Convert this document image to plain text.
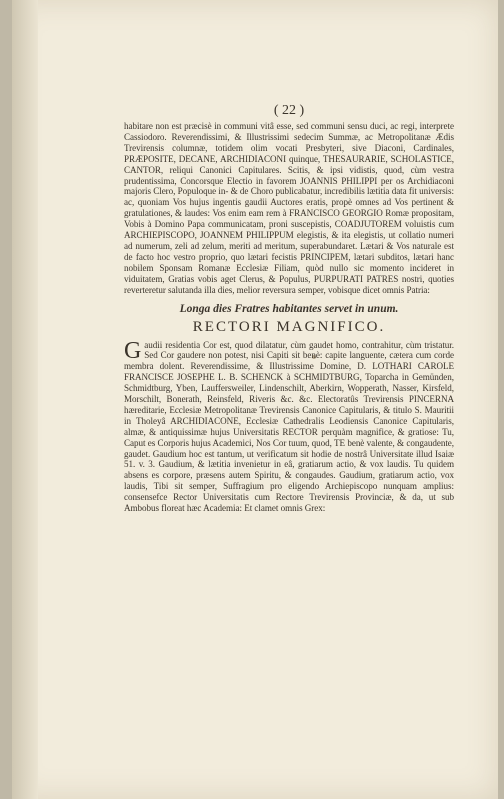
( 22 )

habitare non est præcisè in communi vitâ esse, sed communi sensu duci, ac regi, interprete Cassiodoro. Reverendissimi, & Illustrissimi sedecim Summæ, ac Metropolitanæ Ædis Trevirensis columnæ, totidem olim vocati Presbyteri, sive Diaconi, Cardinales, PRÆPOSITE, DECANE, ARCHIDIACONI quinque, THESAURARIE, SCHOLASTICE, CANTOR, reliqui Canonici Capitulares. Scitis, & ipsi vidistis, quod, cùm vestra prudentissima, Concorsque Electio in favorem JOANNIS PHILIPPI per os Archidiaconi majoris Clero, Populoque in- & de Choro publicabatur, incredibilis lætitia data fit universis: ac, quoniam Vos hujus ingentis gaudii Auctores eratis, propè omnes ad Vos pertinent & gratulationes, & laudes: Vos enim eam rem à FRANCISCO GEORGIO Romæ propositam, Vobis à Domino Papa communicatam, proni suscepistis, COADJUTOREM voluistis cum ARCHIEPISCOPO, JOANNEM PHILIPPUM elegistis, & ita elegistis, ut collatio numeri ad numerum, zeli ad zelum, meriti ad meritum, superabundaret. Lætari & Vos naturale est de facto hoc vestro proprio, quo lætari fecistis PRINCIPEM, lætari subditos, lætari hanc nobilem Sponsam Romanæ Ecclesiæ Filiam, quòd nullo sic momento incideret in viduitatem, Gratias vobis aget Clerus, & Populus, PURPURATI PATRES nostri, quoties reverteretur salutanda illa dies, melior reversura semper, vobisque dicet omnis Patria:

Longa dies Fratres habitantes servet in unum.
RECTORI MAGNIFICO.

Gaudii residentia Cor est, quod dilatatur, cùm gaudet homo, contrahitur, cùm tristatur. Sed Cor gaudere non potest, nisi Capiti sit benè: capite languente, cætera cum corde membra dolent. Reverendissime, & Illustrissime Domine, D. LOTHARI CAROLE FRANCISCE JOSEPHE L. B. SCHENCK à SCHMIDTBURG, Toparcha in Gemünden, Schmidtburg, Yben, Lauffersweiler, Lindenschilt, Aberkirn, Wopperath, Nasser, Kirsfeld, Morschilt, Bonerath, Reinsfeld, Riveris &c. &c. Electoratûs Trevirensis PINCERNA hæreditarie, Ecclesiæ Metropolitanæ Trevirensis Canonice Capitularis, & titulo S. Mauritii in Tholeyâ ARCHIDIACONE, Ecclesiæ Cathedralis Leodiensis Canonice Capitularis, almæ, & antiquissimæ hujus Universitatis RECTOR perquàm magnifice, & gratiose: Tu, Caput es Corporis hujus Academici, Nos Cor tuum, quod, TE benè valente, & congaudente, gaudet. Gaudium hoc est tantum, ut verificatum sit hodie de nostrâ Universitate illud Isaiæ 51. v. 3. Gaudium, & lætitia invenietur in eâ, gratiarum actio, & vox laudis. Tu quidem absens es corpore, præsens autem Spiritu, & congaudes. Gaudium, gratiarum actio, vox laudis, Tibi sit semper, Suffragium pro eligendo Archiepiscopo nunquam amplius: consensefce Rector Universitatis cum Rectore Trevirensis Provinciæ, & da, ut sub Ambobus floreat hæc Academia: Et clamet omnis Grex:
